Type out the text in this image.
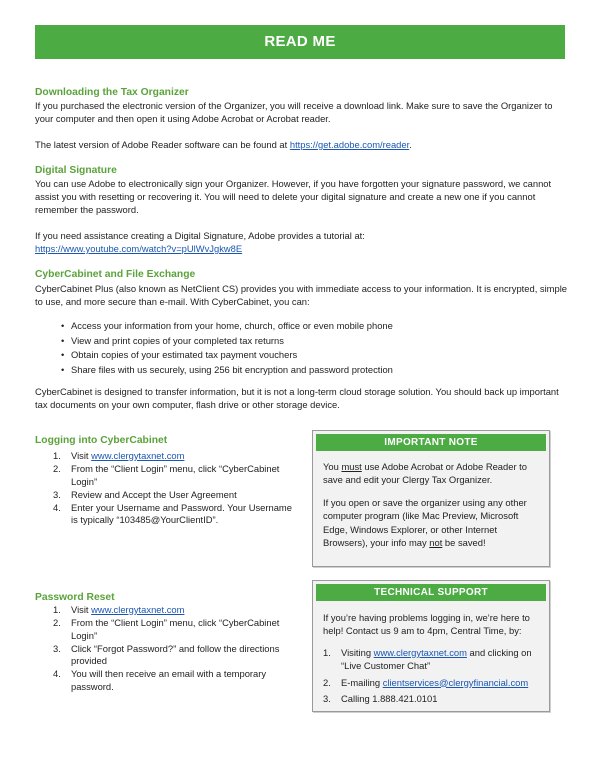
READ ME
Downloading the Tax Organizer
If you purchased the electronic version of the Organizer, you will receive a download link. Make sure to save the Organizer to your computer and then open it using Adobe Acrobat or Acrobat reader.
The latest version of Adobe Reader software can be found at https://get.adobe.com/reader.
Digital Signature
You can use Adobe to electronically sign your Organizer. However, if you have forgotten your signature password, we cannot assist you with resetting or recovering it. You will need to delete your digital signature and create a new one if you cannot remember the password.
If you need assistance creating a Digital Signature, Adobe provides a tutorial at:
https://www.youtube.com/watch?v=pUlWvJgkw8E
CyberCabinet and File Exchange
CyberCabinet Plus (also known as NetClient CS) provides you with immediate access to your information. It is encrypted, simple to use, and more secure than e-mail. With CyberCabinet, you can:
• Access your information from your home, church, office or even mobile phone
• View and print copies of your completed tax returns
• Obtain copies of your estimated tax payment vouchers
• Share files with us securely, using 256 bit encryption and password protection
CyberCabinet is designed to transfer information, but it is not a long-term cloud storage solution. You should back up important tax documents on your own computer, flash drive or other storage device.
Logging into CyberCabinet
1. Visit www.clergytaxnet.com
2. From the “Client Login” menu, click “CyberCabinet Login”
3. Review and Accept the User Agreement
4. Enter your Username and Password. Your Username is typically “103485@YourClientID”.
Password Reset
1. Visit www.clergytaxnet.com
2. From the “Client Login” menu, click “CyberCabinet Login”
3. Click “Forgot Password?” and follow the directions provided
4. You will then receive an email with a temporary password.
IMPORTANT NOTE

You must use Adobe Acrobat or Adobe Reader to save and edit your Clergy Tax Organizer.

If you open or save the organizer using any other computer program (like Mac Preview, Microsoft Edge, Windows Explorer, or other Internet Browsers), your info may not be saved!

TECHNICAL SUPPORT

If you’re having problems logging in, we’re here to help! Contact us 9 am to 4pm, Central Time, by:

1. Visiting www.clergytaxnet.com and clicking on “Live Customer Chat”
2. E-mailing clientservices@clergyfinancial.com
3. Calling 1.888.421.0101
